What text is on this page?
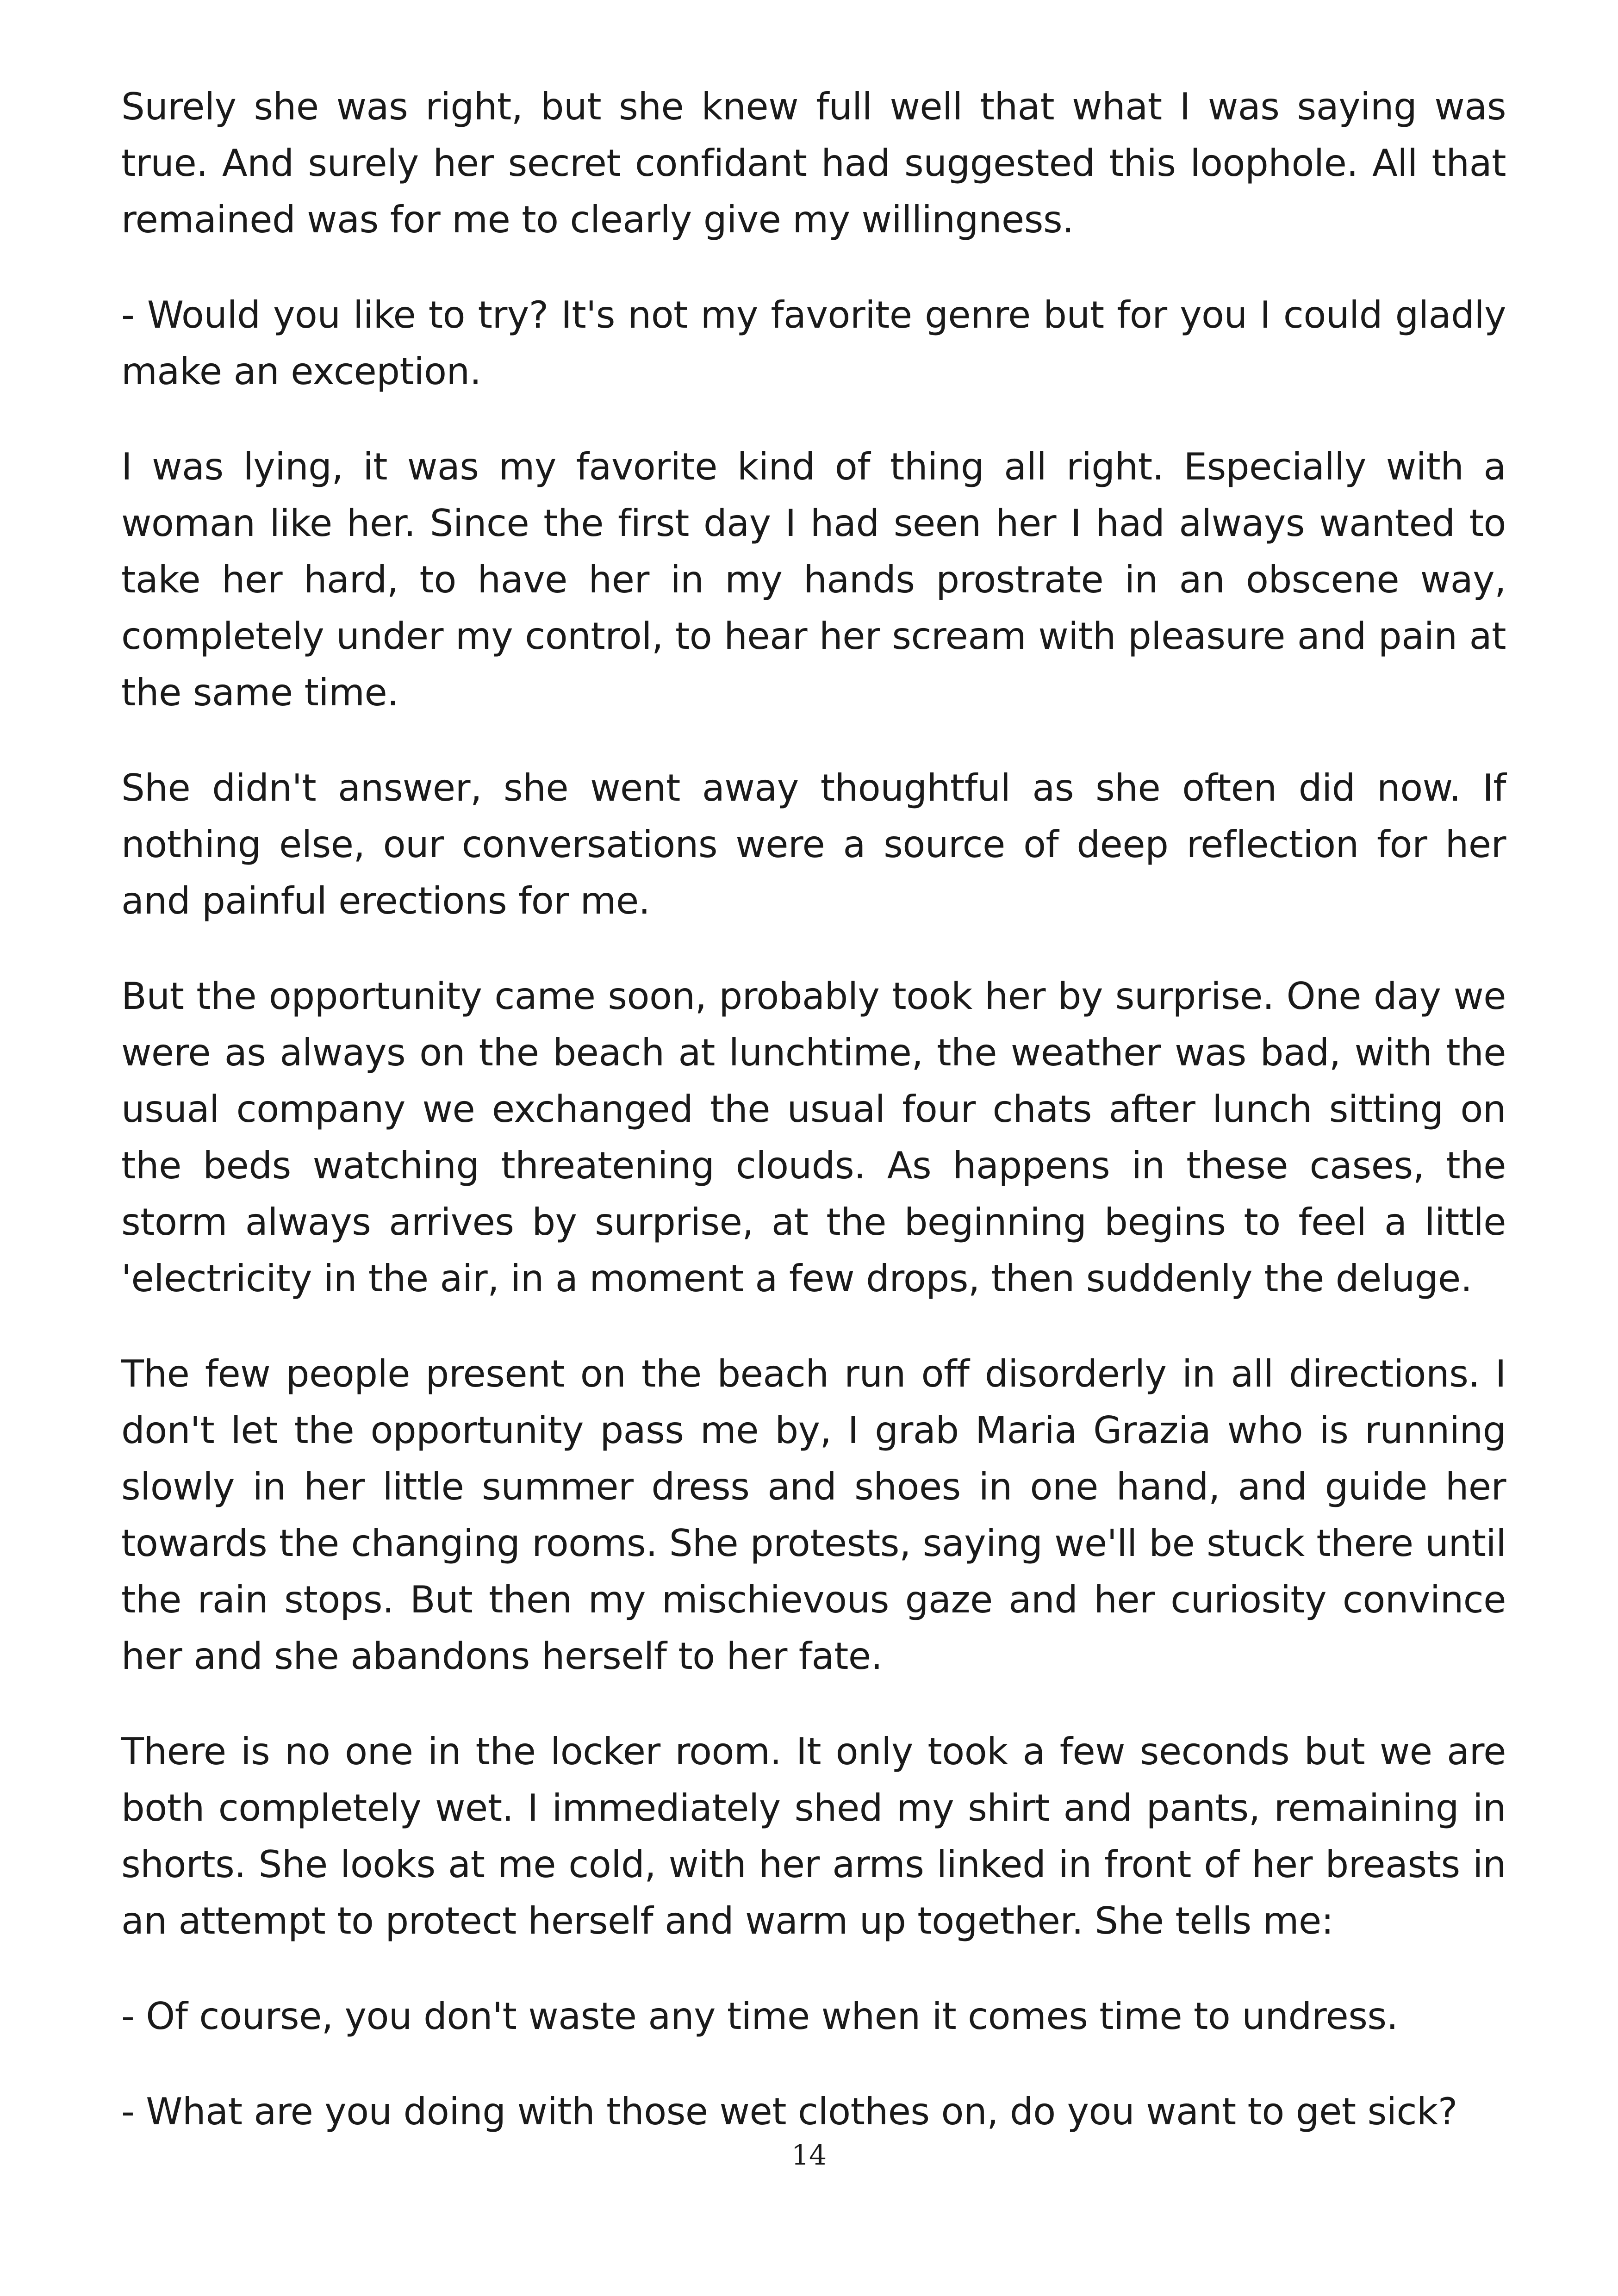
Surely she was right, but she knew full well that what I was saying was true. And surely her secret confidant had suggested this loophole. All that remained was for me to clearly give my willingness.

- Would you like to try? It's not my favorite genre but for you I could gladly make an exception.

I was lying, it was my favorite kind of thing all right. Especially with a woman like her. Since the first day I had seen her I had always wanted to take her hard, to have her in my hands prostrate in an obscene way, completely under my control, to hear her scream with pleasure and pain at the same time.

She didn't answer, she went away thoughtful as she often did now. If nothing else, our conversations were a source of deep reflection for her and painful erections for me.

But the opportunity came soon, probably took her by surprise. One day we were as always on the beach at lunchtime, the weather was bad, with the usual company we exchanged the usual four chats after lunch sitting on the beds watching threatening clouds. As happens in these cases, the storm always arrives by surprise, at the beginning begins to feel a little 'electricity in the air, in a moment a few drops, then suddenly the deluge.

The few people present on the beach run off disorderly in all directions. I don't let the opportunity pass me by, I grab Maria Grazia who is running slowly in her little summer dress and shoes in one hand, and guide her towards the changing rooms. She protests, saying we'll be stuck there until the rain stops. But then my mischievous gaze and her curiosity convince her and she abandons herself to her fate.

There is no one in the locker room. It only took a few seconds but we are both completely wet. I immediately shed my shirt and pants, remaining in shorts. She looks at me cold, with her arms linked in front of her breasts in an attempt to protect herself and warm up together. She tells me:

- Of course, you don't waste any time when it comes time to undress.

- What are you doing with those wet clothes on, do you want to get sick?

14
